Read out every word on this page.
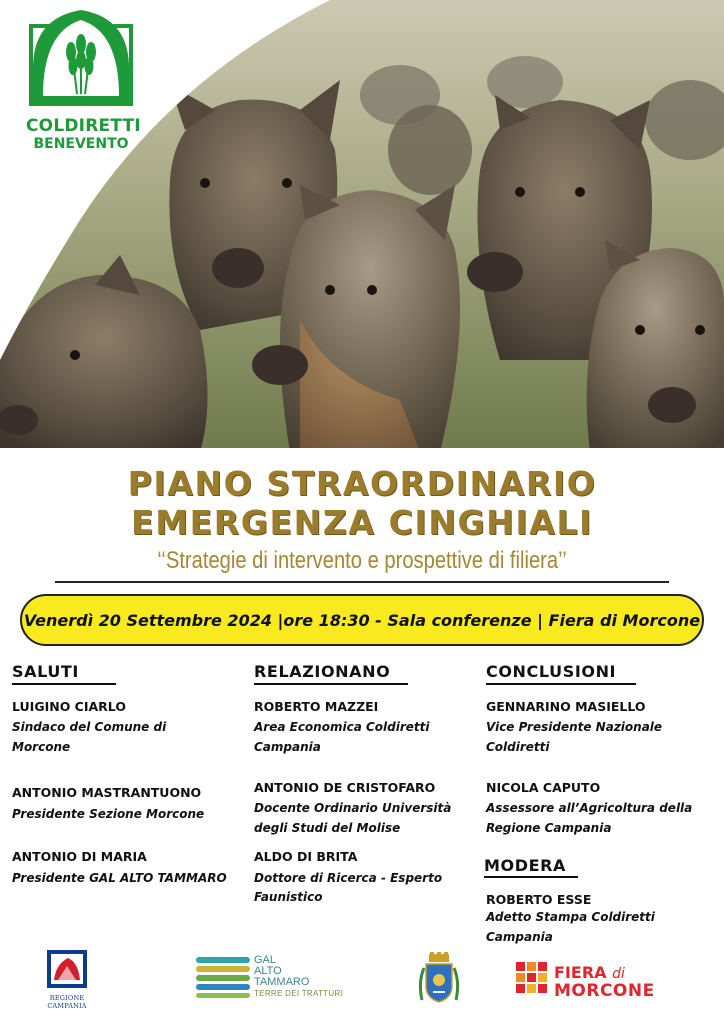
COLDIRETTI
BENEVENTO
PIANO STRAORDINARIO
EMERGENZA CINGHIALI
‘‘Strategie di intervento e prospettive di filiera’’
Venerdì 20 Settembre 2024 |ore 18:30 - Sala conferenze | Fiera di Morcone
SALUTI
LUIGINO CIARLO
Sindaco del Comune di
Morcone
ANTONIO MASTRANTUONO
Presidente Sezione Morcone
ANTONIO DI MARIA
Presidente GAL ALTO TAMMARO
RELAZIONANO
ROBERTO MAZZEI
Area Economica Coldiretti
Campania
ANTONIO DE CRISTOFARO
Docente Ordinario Università
degli Studi del Molise
ALDO DI BRITA
Dottore di Ricerca - Esperto
Faunistico
CONCLUSIONI
GENNARINO MASIELLO
Vice Presidente Nazionale
Coldiretti
NICOLA CAPUTO
Assessore all’Agricoltura della
Regione Campania
MODERA
ROBERTO ESSE
Adetto Stampa Coldiretti
Campania
REGIONE CAMPANIA
GAL
ALTO
TAMMARO
TERRE DEI TRATTURI
FIERA di
MORCONE
